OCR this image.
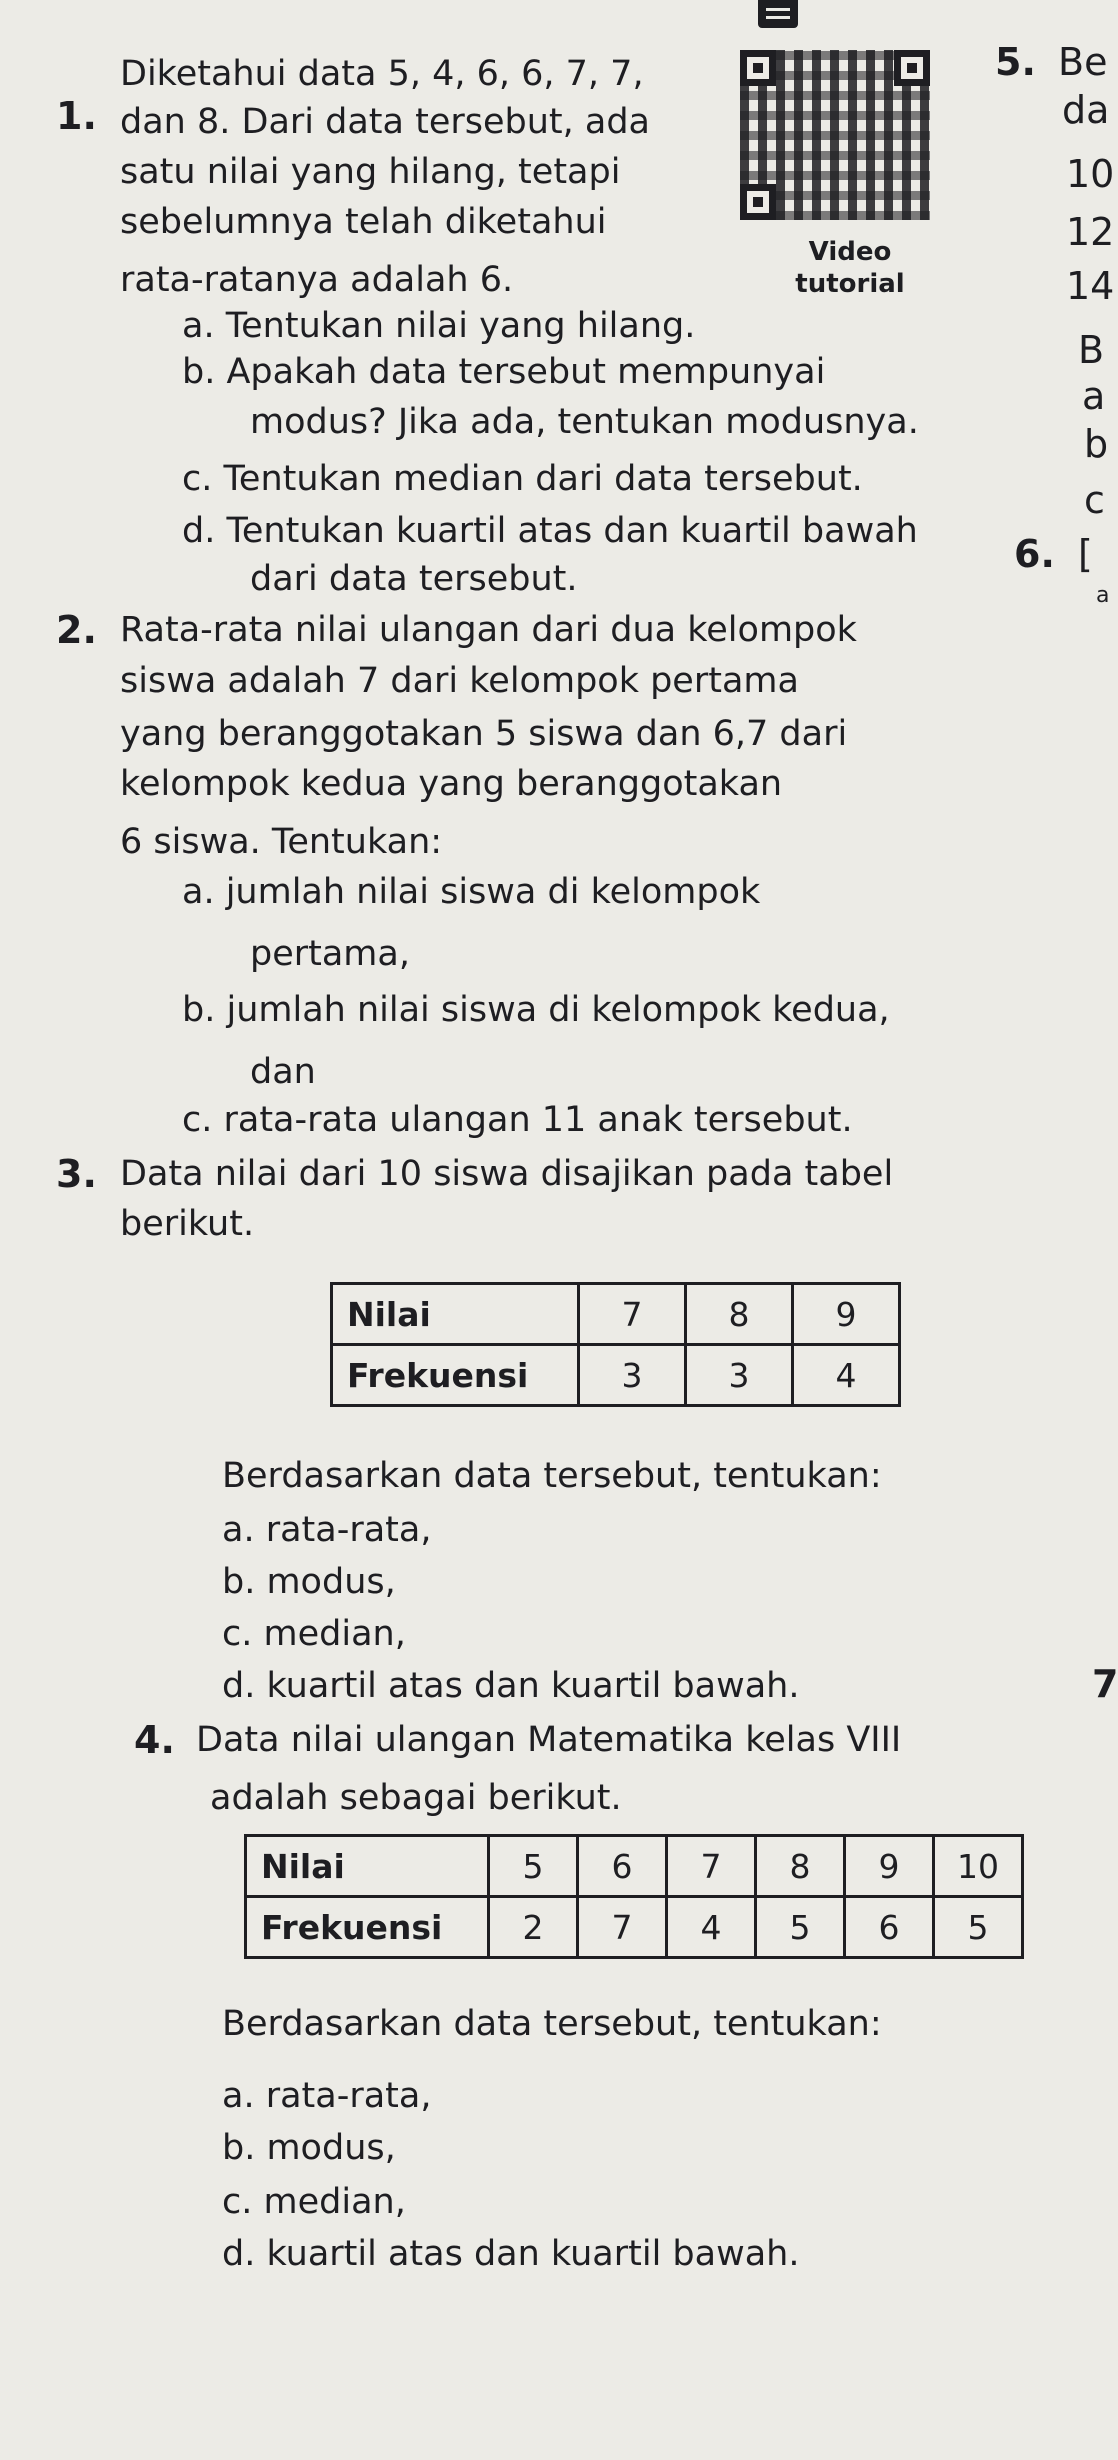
1.
Diketahui data 5, 4, 6, 6, 7, 7,
dan 8. Dari data tersebut, ada
satu nilai yang hilang, tetapi
sebelumnya telah diketahui
rata-ratanya adalah 6.
Video
tutorial
a. Tentukan nilai yang hilang.
b. Apakah data tersebut mempunyai
modus? Jika ada, tentukan modusnya.
c. Tentukan median dari data tersebut.
d. Tentukan kuartil atas dan kuartil bawah
dari data tersebut.
2. Rata-rata nilai ulangan dari dua kelompok
siswa adalah 7 dari kelompok pertama
yang beranggotakan 5 siswa dan 6,7 dari
kelompok kedua yang beranggotakan
6 siswa. Tentukan:
a. jumlah nilai siswa di kelompok
pertama,
b. jumlah nilai siswa di kelompok kedua,
dan
c. rata-rata ulangan 11 anak tersebut.
3. Data nilai dari 10 siswa disajikan pada tabel
berikut.
Nilai	7	8	9
Frekuensi	3	3	4
Berdasarkan data tersebut, tentukan:
a. rata-rata,
b. modus,
c. median,
d. kuartil atas dan kuartil bawah.
4. Data nilai ulangan Matematika kelas VIII
adalah sebagai berikut.
Nilai	5	6	7	8	9	10
Frekuensi	2	7	4	5	6	5
Berdasarkan data tersebut, tentukan:
a. rata-rata,
b. modus,
c. median,
d. kuartil atas dan kuartil bawah.
5. Be
da
10
12
14
B
a
b
c
6. [
a
7
